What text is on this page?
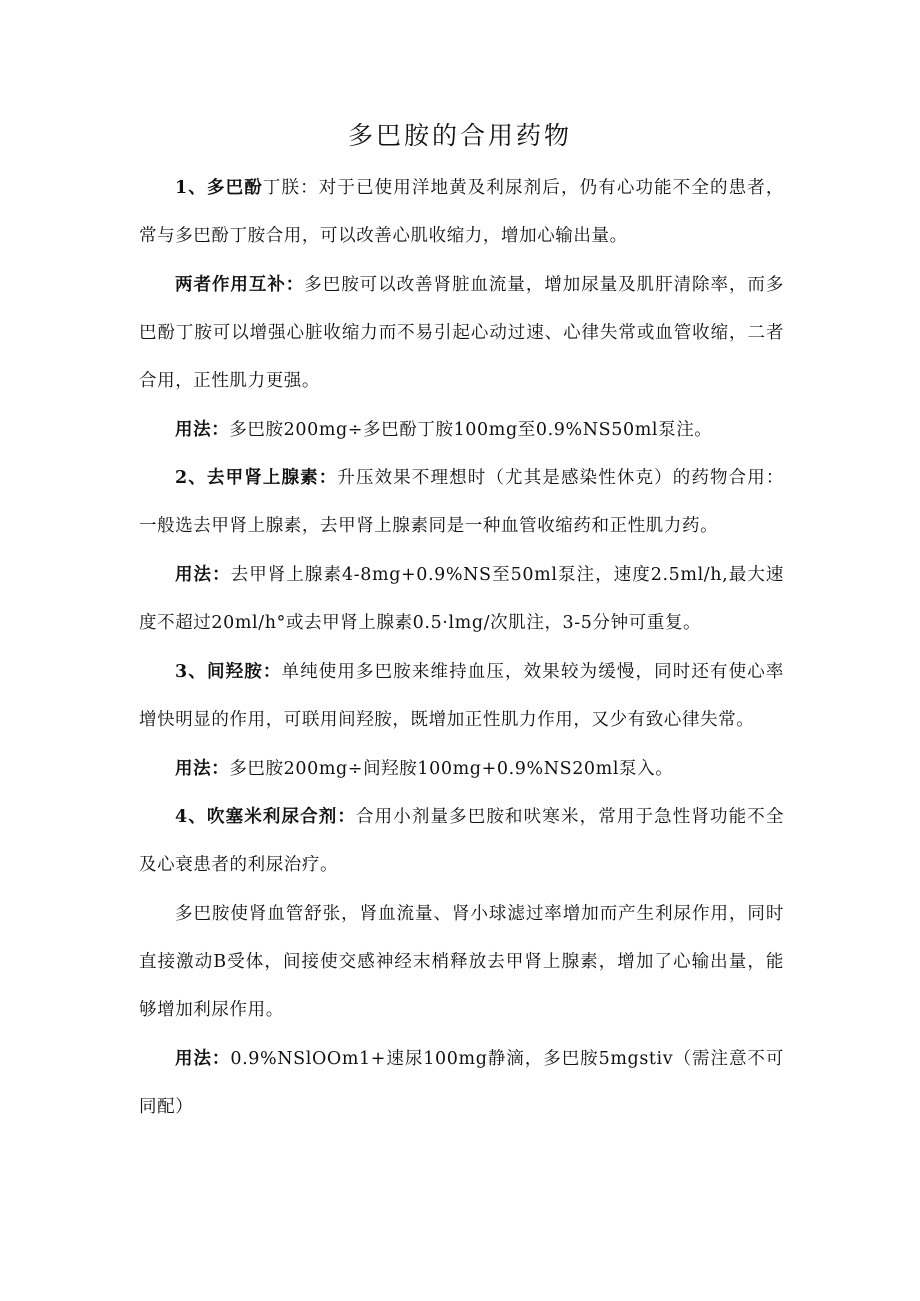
多巴胺的合用药物

1、多巴酚丁朕：对于已使用洋地黄及利尿剂后，仍有心功能不全的患者，常与多巴酚丁胺合用，可以改善心肌收缩力，增加心输出量。

两者作用互补：多巴胺可以改善肾脏血流量，增加尿量及肌肝清除率，而多巴酚丁胺可以增强心脏收缩力而不易引起心动过速、心律失常或血管收缩，二者合用，正性肌力更强。

用法：多巴胺200mg÷多巴酚丁胺100mg至0.9%NS50ml泵注。

2、去甲肾上腺素：升压效果不理想时（尤其是感染性休克）的药物合用：一般选去甲肾上腺素，去甲肾上腺素同是一种血管收缩药和正性肌力药。

用法：去甲肾上腺素4-8mg+0.9%NS至50ml泵注，速度2.5ml/h,最大速度不超过20ml/h°或去甲肾上腺素0.5·lmg/次肌注，3-5分钟可重复。

3、间羟胺：单纯使用多巴胺来维持血压，效果较为缓慢，同时还有使心率增快明显的作用，可联用间羟胺，既增加正性肌力作用，又少有致心律失常。

用法：多巴胺200mg÷间羟胺100mg+0.9%NS20ml泵入。

4、吹塞米利尿合剂：合用小剂量多巴胺和吠寒米，常用于急性肾功能不全及心衰患者的利尿治疗。

多巴胺使肾血管舒张，肾血流量、肾小球滤过率增加而产生利尿作用，同时直接激动B受体，间接使交感神经末梢释放去甲肾上腺素，增加了心输出量，能够增加利尿作用。

用法：0.9%NSlOOm1+速尿100mg静滴，多巴胺5mgstiv（需注意不可同配）
